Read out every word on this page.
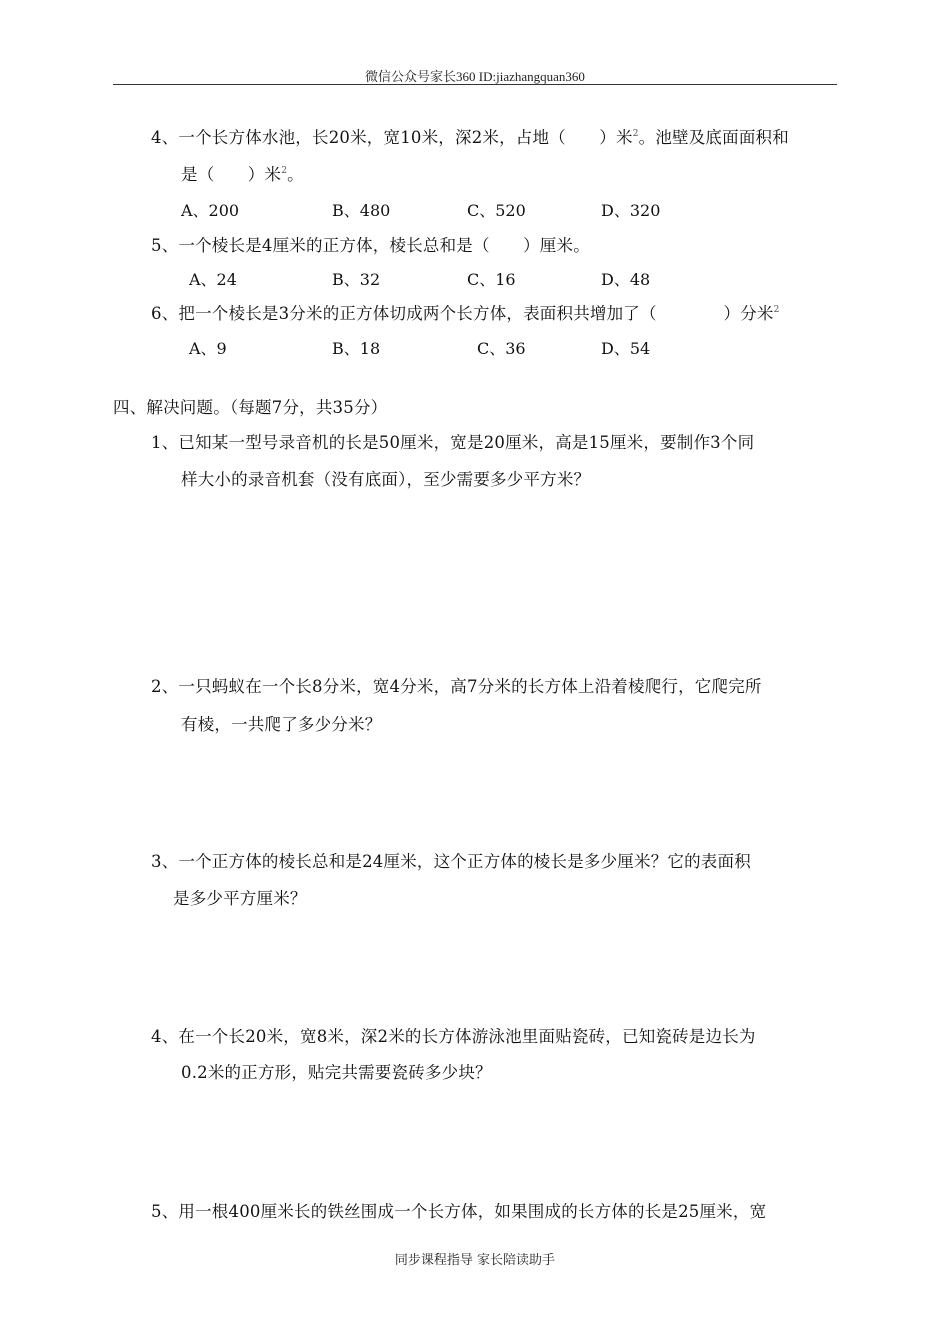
微信公众号家长360 ID:jiazhangquan360
4、一个长方体水池，长20米，宽10米，深2米，占地（　　）米$^2$。池壁及底面面积和
是（　　）米$^2$。
A、200	B、480	C、520	D、320
5、一个棱长是4厘米的正方体，棱长总和是（　　）厘米。
A、24	B、32	C、16	D、48
6、把一个棱长是3分米的正方体切成两个长方体，表面积共增加了（　　　　）分米$^2$
A、9	B、18	C、36	D、54
四、解决问题。（每题7分，共35分）
1、已知某一型号录音机的长是50厘米，宽是20厘米，高是15厘米，要制作3个同
样大小的录音机套（没有底面），至少需要多少平方米？
2、一只蚂蚁在一个长8分米，宽4分米，高7分米的长方体上沿着棱爬行，它爬完所
有棱，一共爬了多少分米？
3、一个正方体的棱长总和是24厘米，这个正方体的棱长是多少厘米？它的表面积
是多少平方厘米？
4、在一个长20米，宽8米，深2米的长方体游泳池里面贴瓷砖，已知瓷砖是边长为
0.2米的正方形，贴完共需要瓷砖多少块？
5、用一根400厘米长的铁丝围成一个长方体，如果围成的长方体的长是25厘米，宽
同步课程指导 家长陪读助手
